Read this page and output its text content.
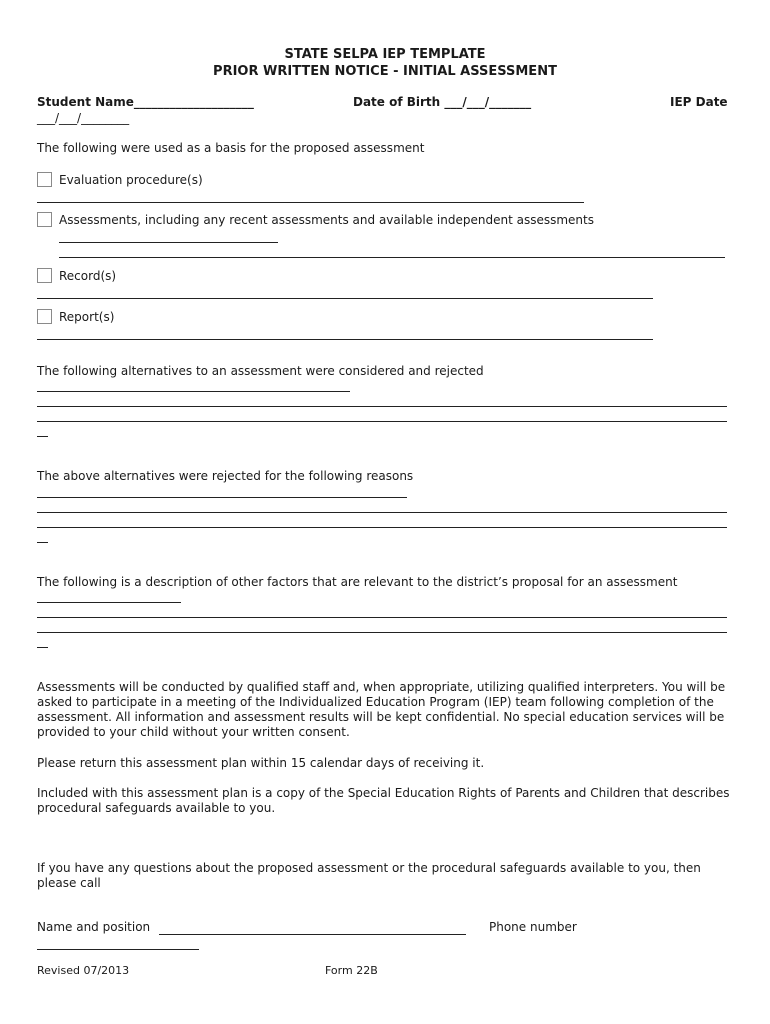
STATE SELPA IEP TEMPLATE
PRIOR WRITTEN NOTICE - INITIAL ASSESSMENT
Student Name____________________	Date of Birth ___/___/_______	IEP Date
___/___/________
The following were used as a basis for the proposed assessment
Evaluation procedure(s)
Assessments, including any recent assessments and available independent assessments
Record(s)
Report(s)
The following alternatives to an assessment were considered and rejected
The above alternatives were rejected for the following reasons
The following is a description of other factors that are relevant to the district’s proposal for an assessment
Assessments will be conducted by qualified staff and, when appropriate, utilizing qualified interpreters. You will be asked to participate in a meeting of the Individualized Education Program (IEP) team following completion of the assessment. All information and assessment results will be kept confidential. No special education services will be provided to your child without your written consent.
Please return this assessment plan within 15 calendar days of receiving it.
Included with this assessment plan is a copy of the Special Education Rights of Parents and Children that describes procedural safeguards available to you.
If you have any questions about the proposed assessment or the procedural safeguards available to you, then please call
Name and position	Phone number
Revised 07/2013	Form 22B
